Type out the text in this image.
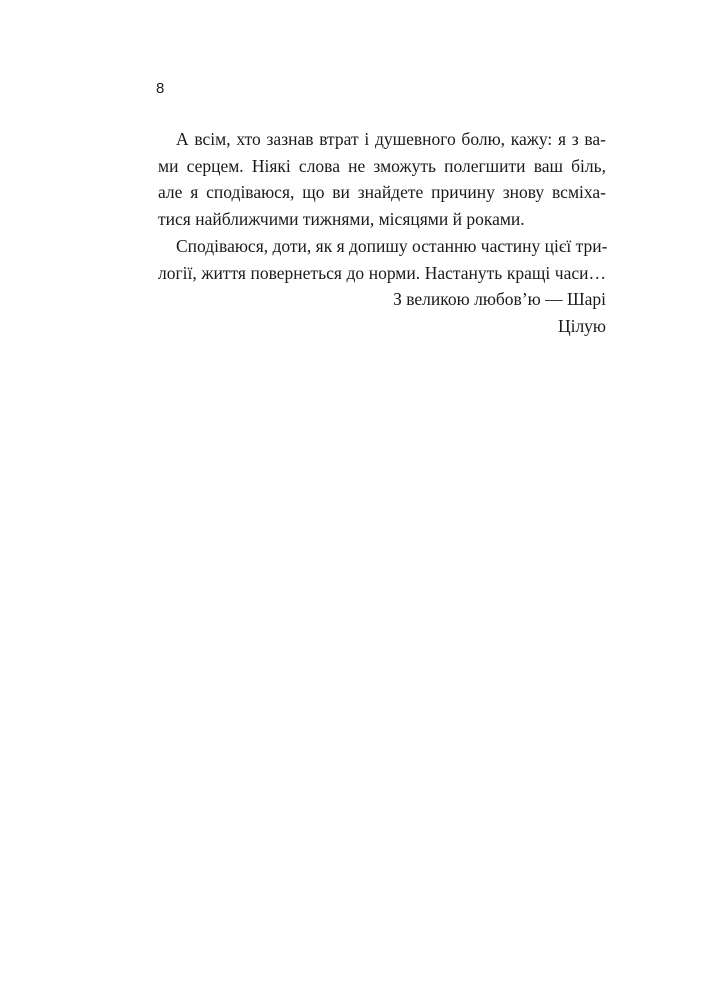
8
А всім, хто зазнав втрат і душевного болю, кажу: я з ва-
ми серцем. Ніякі слова не зможуть полегшити ваш біль,
але я сподіваюся, що ви знайдете причину знову всміха-
тися найближчими тижнями, місяцями й роками.
Сподіваюся, доти, як я допишу останню частину цієї три-
логії, життя повернеться до норми. Настануть кращі часи…
З великою любов’ю — Шарі
Цілую
